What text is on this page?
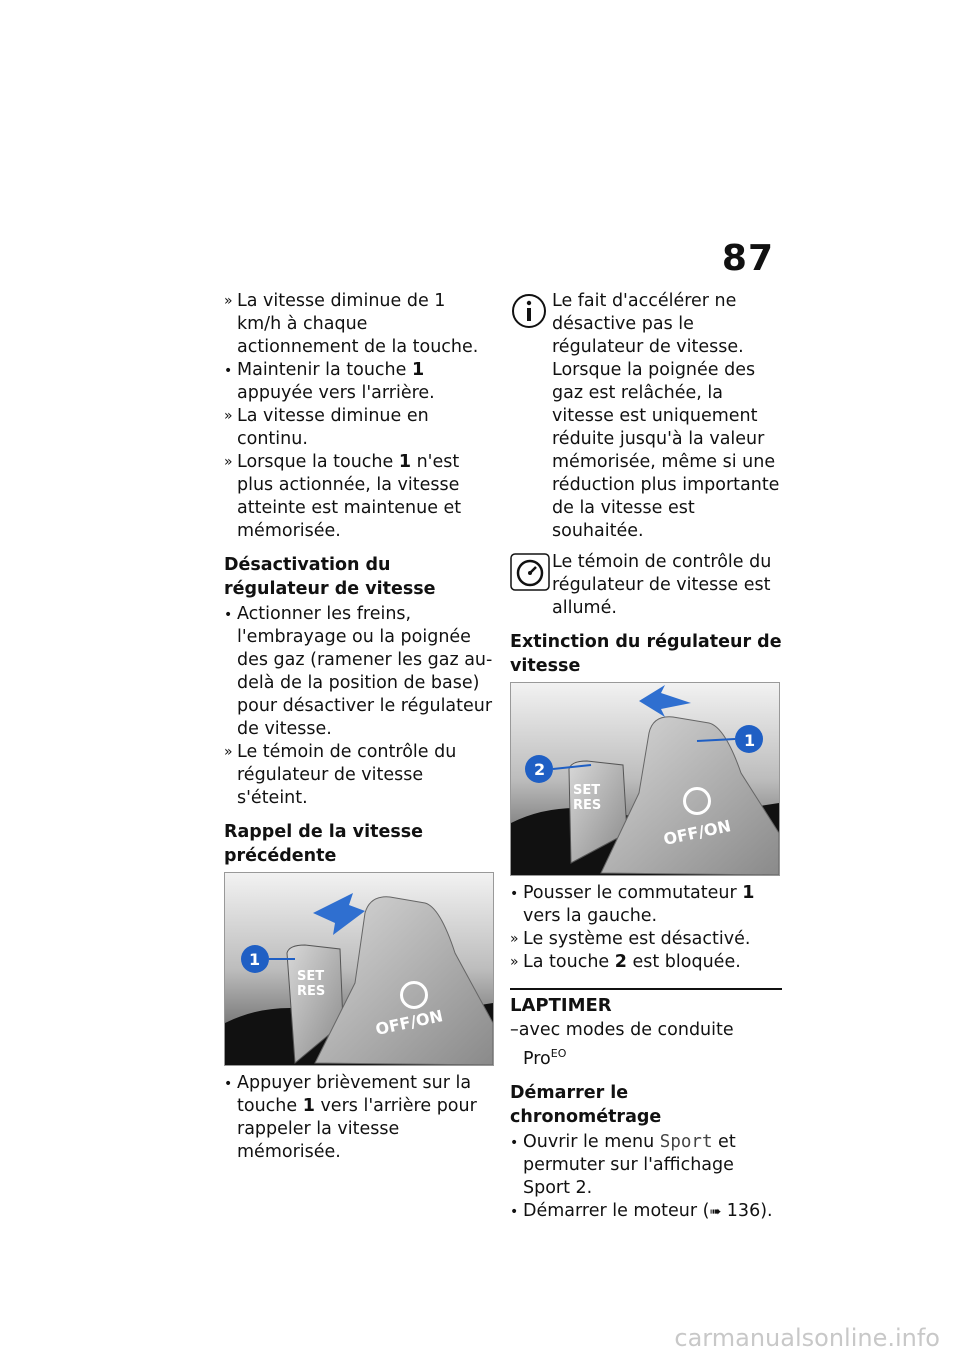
87
» La vitesse diminue de 1 km/h à chaque actionnement de la touche.
• Maintenir la touche 1 appuyée vers l'arrière.
» La vitesse diminue en continu.
» Lorsque la touche 1 n'est plus actionnée, la vitesse atteinte est maintenue et mémorisée.
Désactivation du régulateur de vitesse
• Actionner les freins, l'embrayage ou la poignée des gaz (ramener les gaz au-delà de la position de base) pour désactiver le régulateur de vitesse.
» Le témoin de contrôle du régulateur de vitesse s'éteint.
Rappel de la vitesse précédente
1
SET
RES
OFF/ON
• Appuyer brièvement sur la touche 1 vers l'arrière pour rappeler la vitesse mémorisée.
Le fait d'accélérer ne désactive pas le régulateur de vitesse. Lorsque la poignée des gaz est relâchée, la vitesse est uniquement réduite jusqu'à la valeur mémorisée, même si une réduction plus importante de la vitesse est souhaitée.
Le témoin de contrôle du régulateur de vitesse est allumé.
Extinction du régulateur de vitesse
1
2
SET
RES
OFF/ON
• Pousser le commutateur 1 vers la gauche.
» Le système est désactivé.
» La touche 2 est bloquée.
LAPTIMER
–avec modes de conduite
Pro$^{EO}$
Démarrer le chronométrage
• Ouvrir le menu Sport et permuter sur l'affichage Sport 2.
• Démarrer le moteur (➠ 136).
carmanualsonline.info
